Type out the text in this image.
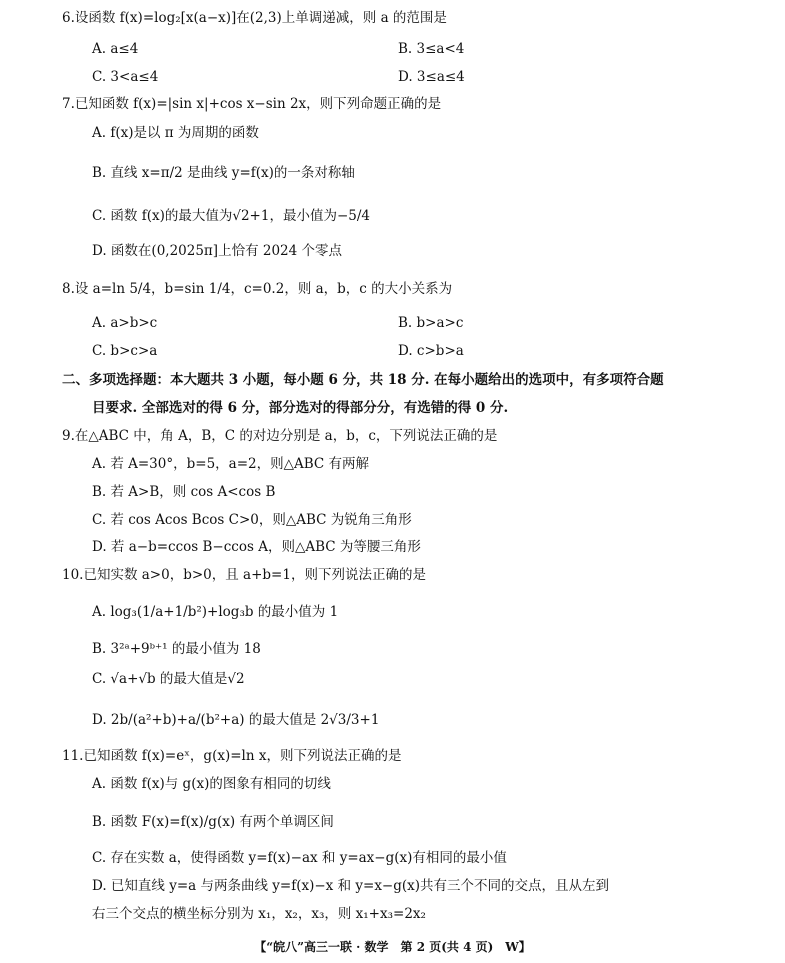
6.设函数 f(x)=log₂[x(a−x)]在(2,3)上单调递减，则 a 的范围是
A. a≤4	B. 3≤a<4
C. 3<a≤4	D. 3≤a≤4
7.已知函数 f(x)=|sin x|+cos x−sin 2x，则下列命题正确的是
A. f(x)是以 π 为周期的函数
B. 直线 x=π/2 是曲线 y=f(x)的一条对称轴
C. 函数 f(x)的最大值为√2+1，最小值为−5/4
D. 函数在(0,2025π]上恰有 2024 个零点
8.设 a=ln 5/4，b=sin 1/4，c=0.2，则 a，b，c 的大小关系为
A. a>b>c	B. b>a>c
C. b>c>a	D. c>b>a
二、多项选择题：本大题共 3 小题，每小题 6 分，共 18 分. 在每小题给出的选项中，有多项符合题
目要求. 全部选对的得 6 分，部分选对的得部分分，有选错的得 0 分.
9.在△ABC 中，角 A，B，C 的对边分别是 a，b，c，下列说法正确的是
A. 若 A=30°，b=5，a=2，则△ABC 有两解
B. 若 A>B，则 cos A<cos B
C. 若 cos Acos Bcos C>0，则△ABC 为锐角三角形
D. 若 a−b=ccos B−ccos A，则△ABC 为等腰三角形
10.已知实数 a>0，b>0，且 a+b=1，则下列说法正确的是
A. log₃(1/a+1/b²)+log₃b 的最小值为 1
B. 3²ᵃ+9ᵇ⁺¹ 的最小值为 18
C. √a+√b 的最大值是√2
D. 2b/(a²+b)+a/(b²+a) 的最大值是 2√3/3+1
11.已知函数 f(x)=eˣ，g(x)=ln x，则下列说法正确的是
A. 函数 f(x)与 g(x)的图象有相同的切线
B. 函数 F(x)=f(x)/g(x) 有两个单调区间
C. 存在实数 a，使得函数 y=f(x)−ax 和 y=ax−g(x)有相同的最小值
D. 已知直线 y=a 与两条曲线 y=f(x)−x 和 y=x−g(x)共有三个不同的交点，且从左到
右三个交点的横坐标分别为 x₁，x₂，x₃，则 x₁+x₃=2x₂
【“皖八”高三一联 · 数学　第 2 页(共 4 页)　W】
